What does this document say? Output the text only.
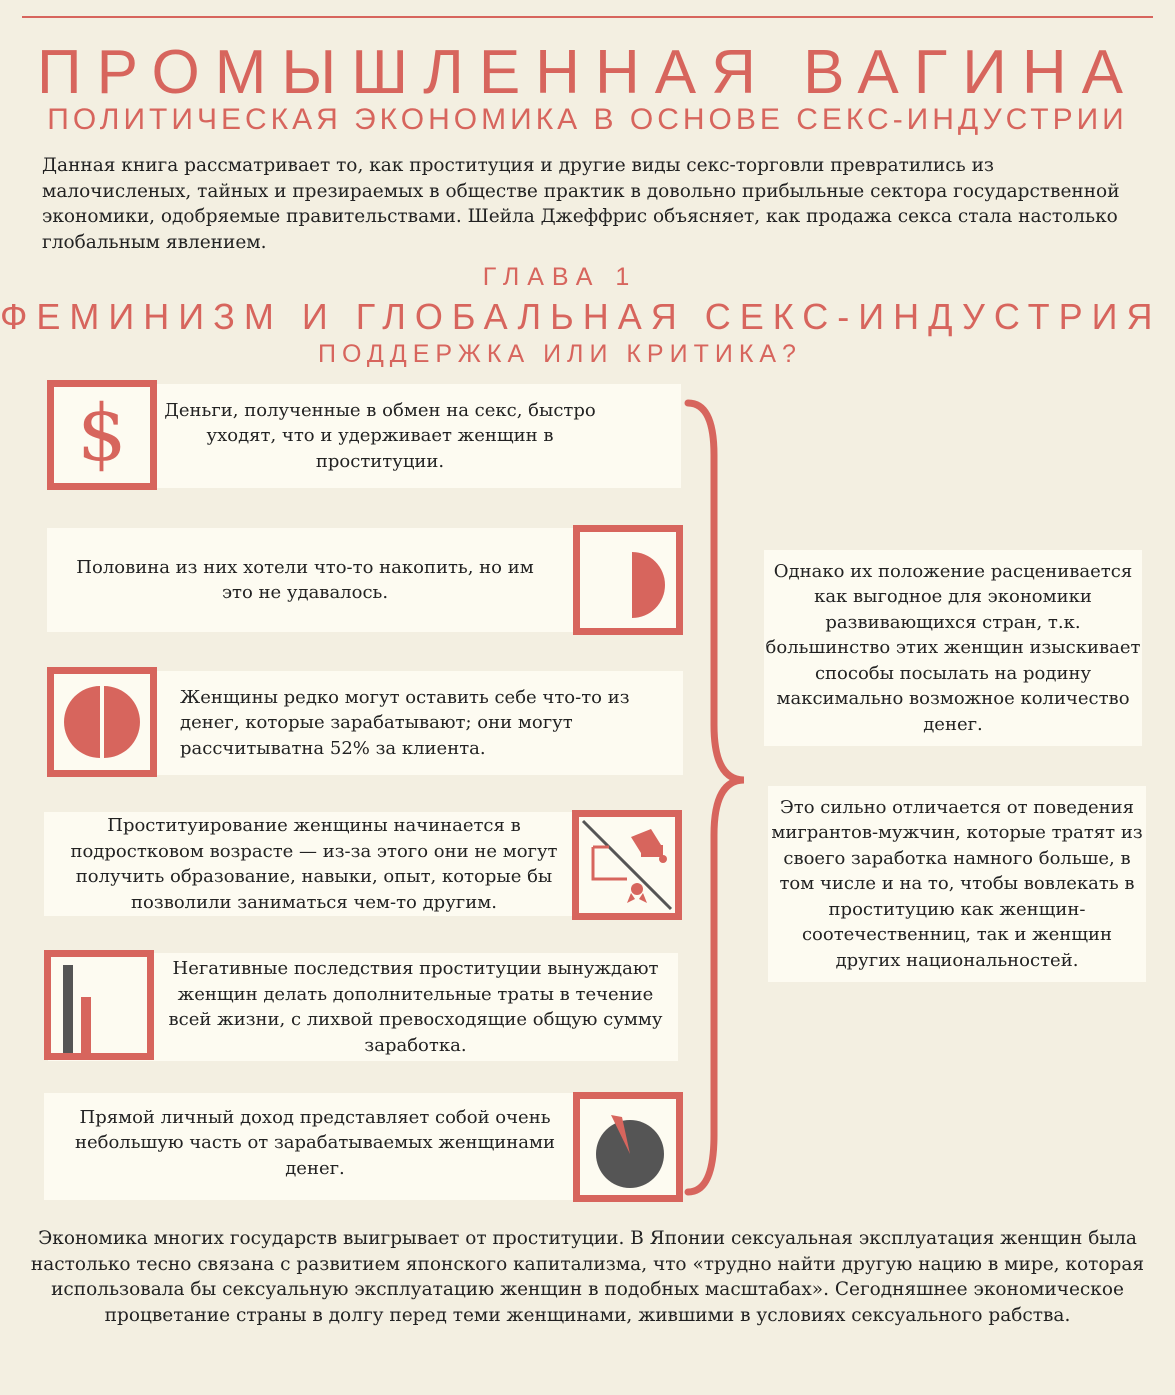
ПРОМЫШЛЕННАЯ ВАГИНА
ПОЛИТИЧЕСКАЯ ЭКОНОМИКА В ОСНОВЕ СЕКС-ИНДУСТРИИ
Данная книга рассматривает то, как проституция и другие виды секс-торговли превратились из малочисленых, тайных и презираемых в обществе практик в довольно прибыльные сектора государственной экономики, одобряемые правительствами. Шейла Джеффрис объясняет, как продажа секса стала настолько глобальным явлением.
ГЛАВА 1
ФЕМИНИЗМ И ГЛОБАЛЬНАЯ СЕКС-ИНДУСТРИЯ
ПОДДЕРЖКА ИЛИ КРИТИКА?
Деньги, полученные в обмен на секс, быстро уходят, что и удерживает женщин в проституции.
$
Половина из них хотели что-то накопить, но им это не удавалось.
Женщины редко могут оставить себе что-то из денег, которые зарабатывают; они могут рассчитыватна 52% за клиента.
Проституирование женщины начинается в подростковом возрасте — из-за этого они не могут получить образование, навыки, опыт, которые бы позволили заниматься чем-то другим.
Негативные последствия проституции вынуждают женщин делать дополнительные траты в течение всей жизни, с лихвой превосходящие общую сумму заработка.
Прямой личный доход представляет собой очень небольшую часть от зарабатываемых женщинами денег.
Однако их положение расценивается как выгодное для экономики развивающихся стран, т.к. большинство этих женщин изыскивает способы посылать на родину максимально возможное количество денег.
Это сильно отличается от поведения мигрантов-мужчин, которые тратят из своего заработка намного больше, в том числе и на то, чтобы вовлекать в проституцию как женщин-соотечественниц, так и женщин других национальностей.
Экономика многих государств выигрывает от проституции. В Японии сексуальная эксплуатация женщин была настолько тесно связана с развитием японского капитализма, что «трудно найти другую нацию в мире, которая использовала бы сексуальную эксплуатацию женщин в подобных масштабах». Сегодняшнее экономическое процветание страны в долгу перед теми женщинами, жившими в условиях сексуального рабства.
